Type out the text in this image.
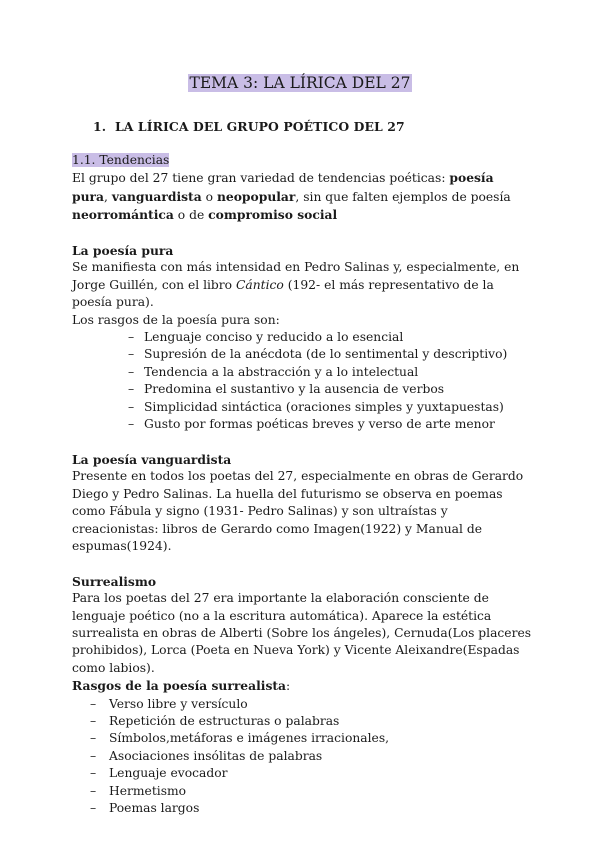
TEMA 3: LA LÍRICA DEL 27
1. LA LÍRICA DEL GRUPO POÉTICO DEL 27

1.1. Tendencias

El grupo del 27 tiene gran variedad de tendencias poéticas: poesía pura, vanguardista o neopopular, sin que falten ejemplos de poesía neorromántica o de compromiso social

La poesía pura

Se manifiesta con más intensidad en Pedro Salinas y, especialmente, en Jorge Guillén, con el libro Cántico (192- el más representativo de la poesía pura).

Los rasgos de la poesía pura son:

– Lenguaje conciso y reducido a lo esencial
– Supresión de la anécdota (de lo sentimental y descriptivo)
– Tendencia a la abstracción y a lo intelectual
– Predomina el sustantivo y la ausencia de verbos
– Simplicidad sintáctica (oraciones simples y yuxtapuestas)
– Gusto por formas poéticas breves y verso de arte menor

La poesía vanguardista

Presente en todos los poetas del 27, especialmente en obras de Gerardo Diego y Pedro Salinas. La huella del futurismo se observa en poemas como Fábula y signo (1931- Pedro Salinas) y son ultraístas y creacionistas: libros de Gerardo como Imagen(1922) y Manual de espumas(1924).

Surrealismo

Para los poetas del 27 era importante la elaboración consciente de lenguaje poético (no a la escritura automática). Aparece la estética surrealista en obras de Alberti (Sobre los ángeles), Cernuda(Los placeres prohibidos), Lorca (Poeta en Nueva York) y Vicente Aleixandre(Espadas como labios).

Rasgos de la poesía surrealista:

– Verso libre y versículo
– Repetición de estructuras o palabras
– Símbolos,metáforas e imágenes irracionales,
– Asociaciones insólitas de palabras
– Lenguaje evocador
– Hermetismo
– Poemas largos
